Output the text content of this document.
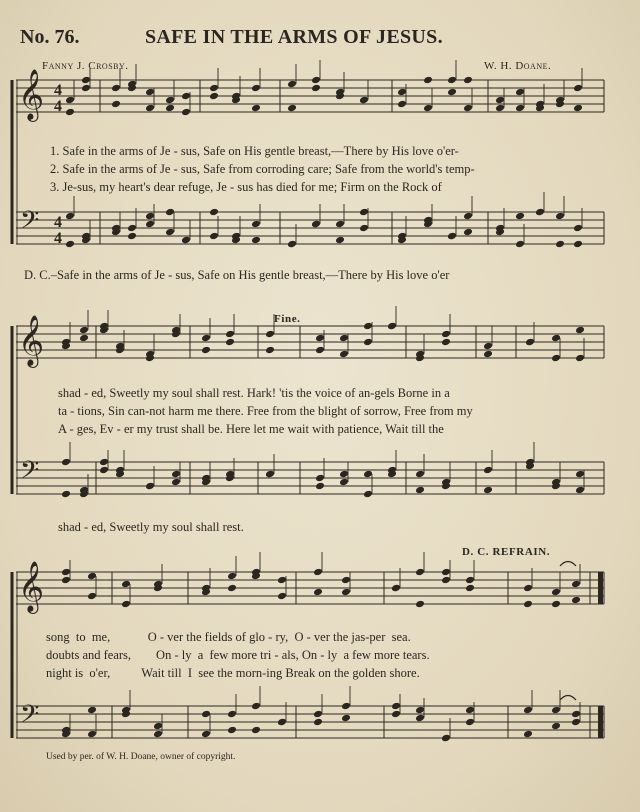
No. 76.	SAFE IN THE ARMS OF JESUS.
Fanny J. Crosby.	W. H. Doane.
𝄞
𝄢
𝄞
𝄢
𝄞
𝄢
4
4
4
4
1. Safe in the arms of Je - sus, Safe on His gentle breast,—There by His love o'er-
2. Safe in the arms of Je - sus, Safe from corroding care; Safe from the world's temp-
3. Je-sus, my heart's dear refuge, Je - sus has died for me; Firm on the Rock of
D. C.–Safe in the arms of Je - sus, Safe on His gentle breast,—There by His love o'er
Fine.
shad - ed, Sweetly my soul shall rest. Hark! 'tis the voice of an-gels Borne in a
ta - tions, Sin can-not harm me there. Free from the blight of sorrow, Free from my
A - ges, Ev - er my trust shall be. Here let me wait with patience, Wait till the
shad - ed, Sweetly my soul shall rest.
D. C. REFRAIN.
song  to  me,            O - ver the fields of glo - ry,  O - ver the jas-per  sea.
doubts and fears,        On - ly  a  few more tri - als, On - ly  a few more tears.
night is  o'er,          Wait till  I  see the morn-ing Break on the golden shore.
Used by per. of W. H. Doane, owner of copyright.
